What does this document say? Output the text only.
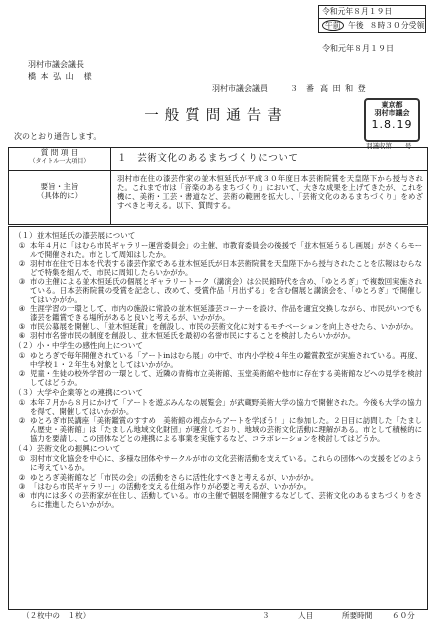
令和元年８月１９日
午前 午後 ８時３０分受領
令和元年８月１９日
羽村市議会議長
橋 本 弘 山　様
羽村市議会議員	３　番 高 田 和 登
一般質問通告書
東京都
羽村市議会
1.8.19
羽議収第　　号
次のとおり通告します。
質 問 項 目
（タイトル一大項目）	１　芸術文化のあるまちづくりについて
要旨・主旨
（具体的に）
羽村市在住の漆芸作家の並木恒延氏が平成３０年度日本芸術院賞を天皇陛下から授与された。これまで市は「音楽のあるまちづくり」において、大きな成果を上げてきたが、これを機に、美術・工芸・書道など、芸術の範囲を拡大し、「芸術文化のあるまちづくり」をめざすべきと考える。以下、質問する。
（１）並木恒延氏の漆芸展について
① 本年４月に「はむら市民ギャラリー運営委員会」の主催、市教育委員会の後援で「並木恒延うるし画展」がさくらモールで開催された。市として周知はしたか。
② 羽村市在住で日本を代表する漆芸作家である並木恒延氏が日本芸術院賞を天皇陛下から授与されたことを広報はむらなどで特集を組んで、市民に周知したらいかがか。
③ 市の主催による並木恒延氏の個展とギャラリートーク（講演会）は公民館時代を含め、「ゆとろぎ」で複数回実施されている。日本芸術院賞の受賞を記念し、改めて、受賞作品「月出ずる」を含む個展と講演会を、「ゆとろぎ」で開催してはいかがか。
④ 生涯学習の一環として、市内の施設に常設の並木恒延漆芸コーナーを設け、作品を適宜交換しながら、市民がいつでも漆芸を鑑賞できる場所があると良いと考えるが、いかがか。
⑤ 市民公募展を開催し、「並木恒延賞」を創設し、市民の芸術文化に対するモチベーションを向上させたら、いかがか。
⑥ 羽村市名誉市民の制度を創設し、並木恒延氏を最初の名誉市民にすることを検討したらいかがか。
（２）小・中学生の感性向上について
① ゆとろぎで毎年開催されている「アートinはむら展」の中で、市内小学校４年生の鑑賞教室が実施されている。再度、中学校１・２年生も対象としてはいかがか。
② 児童・生徒の校外学習の一環として、近隣の青梅市立美術館、玉堂美術館や他市に存在する美術館などへの見学を検討してはどうか。
（３）大学や企業等との連携について
① 本年７月から８月にかけて「アートを遊ぶみんなの展覧会」が武蔵野美術大学の協力で開催された。今後も大学の協力を得て、開催してはいかがか。
② ゆとろぎ市民講座「美術鑑賞のすすめ　美術館の視点からアートを学ぼう！」に参加した。２日目に訪問した「たましん歴史・美術館」は「たましん地域文化財団」が運営しており、地域の芸術文化活動に理解がある。市として積極的に協力を要請し、この団体などとの連携による事業を実施するなど、コラボレーションを検討してはどうか。
（４）芸術文化の振興について
① 羽村市文化協会を中心に、多様な団体やサークルが市の文化芸術活動を支えている。これらの団体への支援をどのように考えているか。
② ゆとろぎ美術館など「市民の会」の活動をさらに活性化すべきと考えるが、いかがか。
③ 「はむら市民ギャラリー」の活動を支える仕組み作りが必要と考えるが、いかがか。
④ 市内には多くの芸術家が在住し、活動している。市の主催で個展を開催するなどして、芸術文化のあるまちづくりをさらに推進したらいかがか。
（２枚中の　１枚）	３	人目	所要時間	６０分
